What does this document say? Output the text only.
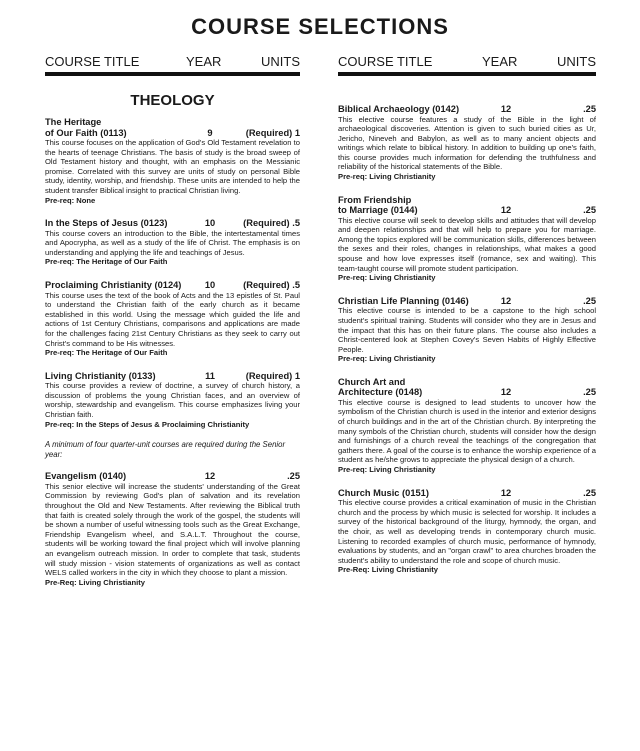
COURSE SELECTIONS
COURSE TITLE	YEAR	UNITS
THEOLOGY
The Heritage
of Our Faith (0113)	9	(Required) 1

This course focuses on the application of God's Old Testament revelation to the hearts of teenage Christians. The basis of study is the broad sweep of Old Testament history and thought, with an emphasis on the Messianic promise. Correlated with this survey are units of study on personal Bible study, identity, worship, and friendship. These units are intended to help the student transfer Biblical insight to practical Christian living.

Pre-req: None
In the Steps of Jesus (0123)	10	(Required) .5

This course covers an introduction to the Bible, the intertestamental times and Apocrypha, as well as a study of the life of Christ. The emphasis is on understanding and applying the life and teachings of Jesus.

Pre-req: The Heritage of Our Faith
Proclaiming Christianity (0124)	10	(Required) .5

This course uses the text of the book of Acts and the 13 epistles of St. Paul to understand the Christian faith of the early church as it became established in this world. Using the message which guided the life and actions of 1st Century Christians, comparisons and applications are made for the challenges facing 21st Century Christians as they seek to carry out Christ's command to be His witnesses.

Pre-req: The Heritage of Our Faith
Living Christianity (0133)	11	(Required) 1

This course provides a review of doctrine, a survey of church history, a discussion of problems the young Christian faces, and an overview of worship, stewardship and evangelism. This course emphasizes living your Christian faith.

Pre-req: In the Steps of Jesus & Proclaiming Christianity
A minimum of four quarter-unit courses are required during the Senior year:
Evangelism (0140)	12	.25

This senior elective will increase the students' understanding of the Great Commission by reviewing God's plan of salvation and its revelation throughout the Old and New Testaments. After reviewing the Biblical truth that faith is created solely through the work of the gospel, the students will be shown a number of useful witnessing tools such as the Great Exchange, Friendship Evangelism wheel, and S.A.L.T. Throughout the course, students will be working toward the final project which will involve planning an evangelism outreach mission. In order to complete that task, students will study mission - vision statements of organizations as well as contact WELS called workers in the city in which they choose to plant a mission.

Pre-Req: Living Christianity
COURSE TITLE	YEAR	UNITS
Biblical Archaeology (0142)	12	.25

This elective course features a study of the Bible in the light of archaeological discoveries. Attention is given to such buried cities as Ur, Jericho, Nineveh and Babylon, as well as to many ancient objects and writings which relate to biblical history. In addition to building up one's faith, this course provides much information for defending the truthfulness and reliability of the historical statements of the Bible.

Pre-req: Living Christianity
From Friendship
to Marriage (0144)	12	.25

This elective course will seek to develop skills and attitudes that will develop and deepen relationships and that will help to prepare you for marriage. Among the topics explored will be communication skills, differences between the sexes and their roles, changes in relationships, what makes a good spouse and how love expresses itself (romance, sex and waiting). This team-taught course will promote student participation.

Pre-req: Living Christianity
Christian Life Planning (0146)	12	.25

This elective course is intended to be a capstone to the high school student's spiritual training. Students will consider who they are in Jesus and the impact that this has on their future plans. The course also includes a Christ-centered look at Stephen Covey's Seven Habits of Highly Effective People.

Pre-req: Living Christianity
Church Art and
Architecture (0148)	12	.25

This elective course is designed to lead students to uncover how the symbolism of the Christian church is used in the interior and exterior designs of church buildings and in the art of the Christian church. By interpreting the many symbols of the Christian church, students will consider how the design and furnishings of a church reveal the teachings of the congregation that gathers there. A goal of the course is to enhance the worship experience of a student as he/she grows to appreciate the physical design of a church.

Pre-req: Living Christianity
Church Music (0151)	12	.25

This elective course provides a critical examination of music in the Christian church and the process by which music is selected for worship. It includes a survey of the historical background of the liturgy, hymnody, the organ, and the choir, as well as developing trends in contemporary church music. Listening to recorded examples of church music, performance of hymnody, evaluations by students, and an "organ crawl" to area churches broaden the student's ability to understand the role and scope of church music.

Pre-Req: Living Christianity
